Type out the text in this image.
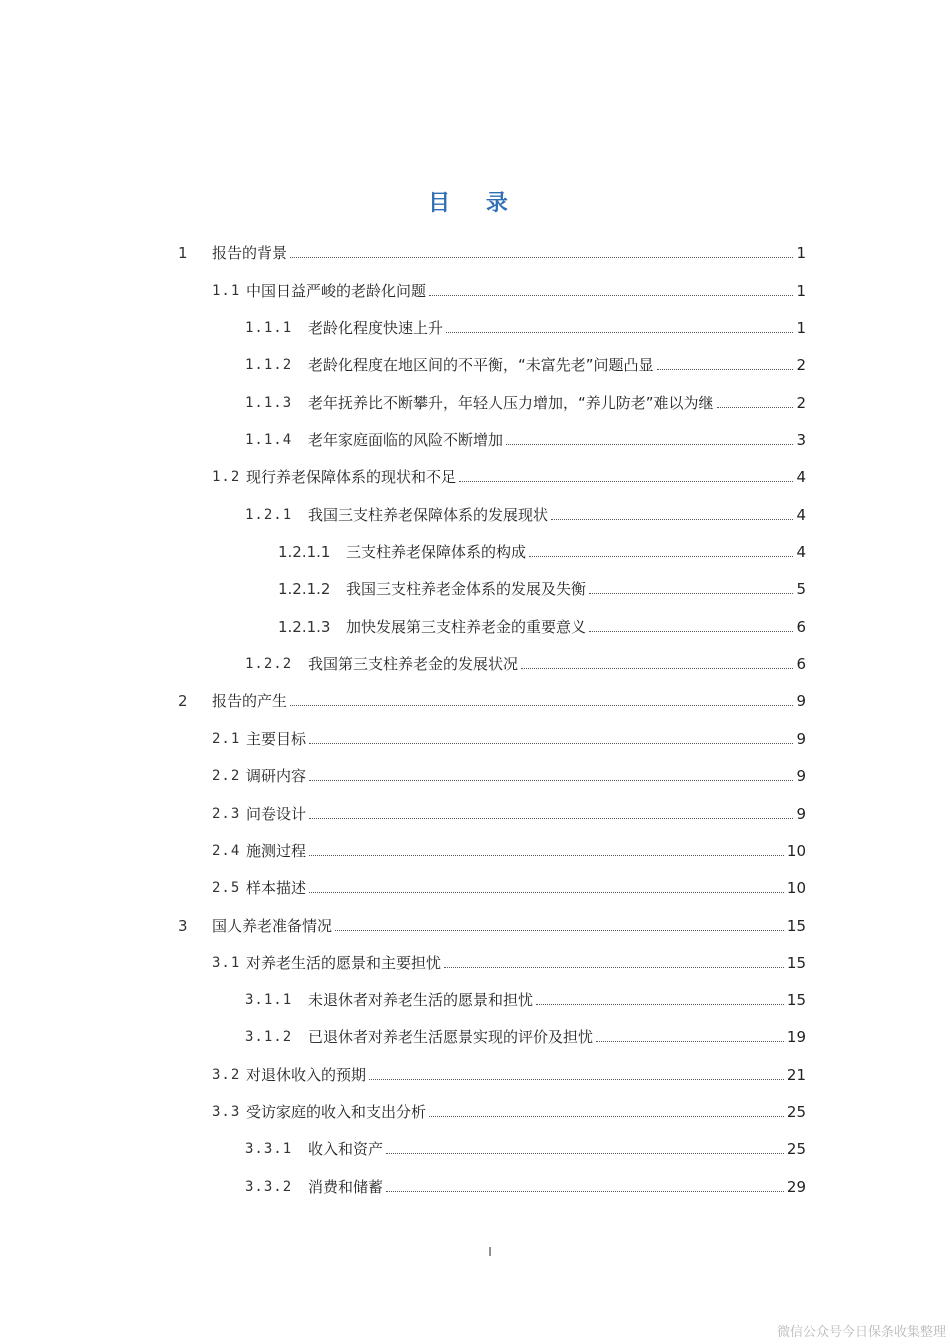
目 录
1	报告的背景	1
1.1 中国日益严峻的老龄化问题	1
1.1.1	老龄化程度快速上升	1
1.1.2	老龄化程度在地区间的不平衡，“未富先老”问题凸显	2
1.1.3	老年抚养比不断攀升，年轻人压力增加，“养儿防老”难以为继	2
1.1.4	老年家庭面临的风险不断增加	3
1.2 现行养老保障体系的现状和不足	4
1.2.1	我国三支柱养老保障体系的发展现状	4
1.2.1.1	三支柱养老保障体系的构成	4
1.2.1.2	我国三支柱养老金体系的发展及失衡	5
1.2.1.3	加快发展第三支柱养老金的重要意义	6
1.2.2	我国第三支柱养老金的发展状况	6
2	报告的产生	9
2.1 主要目标	9
2.2 调研内容	9
2.3 问卷设计	9
2.4 施测过程	10
2.5 样本描述	10
3	国人养老准备情况	15
3.1 对养老生活的愿景和主要担忧	15
3.1.1	未退休者对养老生活的愿景和担忧	15
3.1.2	已退休者对养老生活愿景实现的评价及担忧	19
3.2 对退休收入的预期	21
3.3 受访家庭的收入和支出分析	25
3.3.1	收入和资产	25
3.3.2	消费和储蓄	29
I
微信公众号今日保条收集整理
